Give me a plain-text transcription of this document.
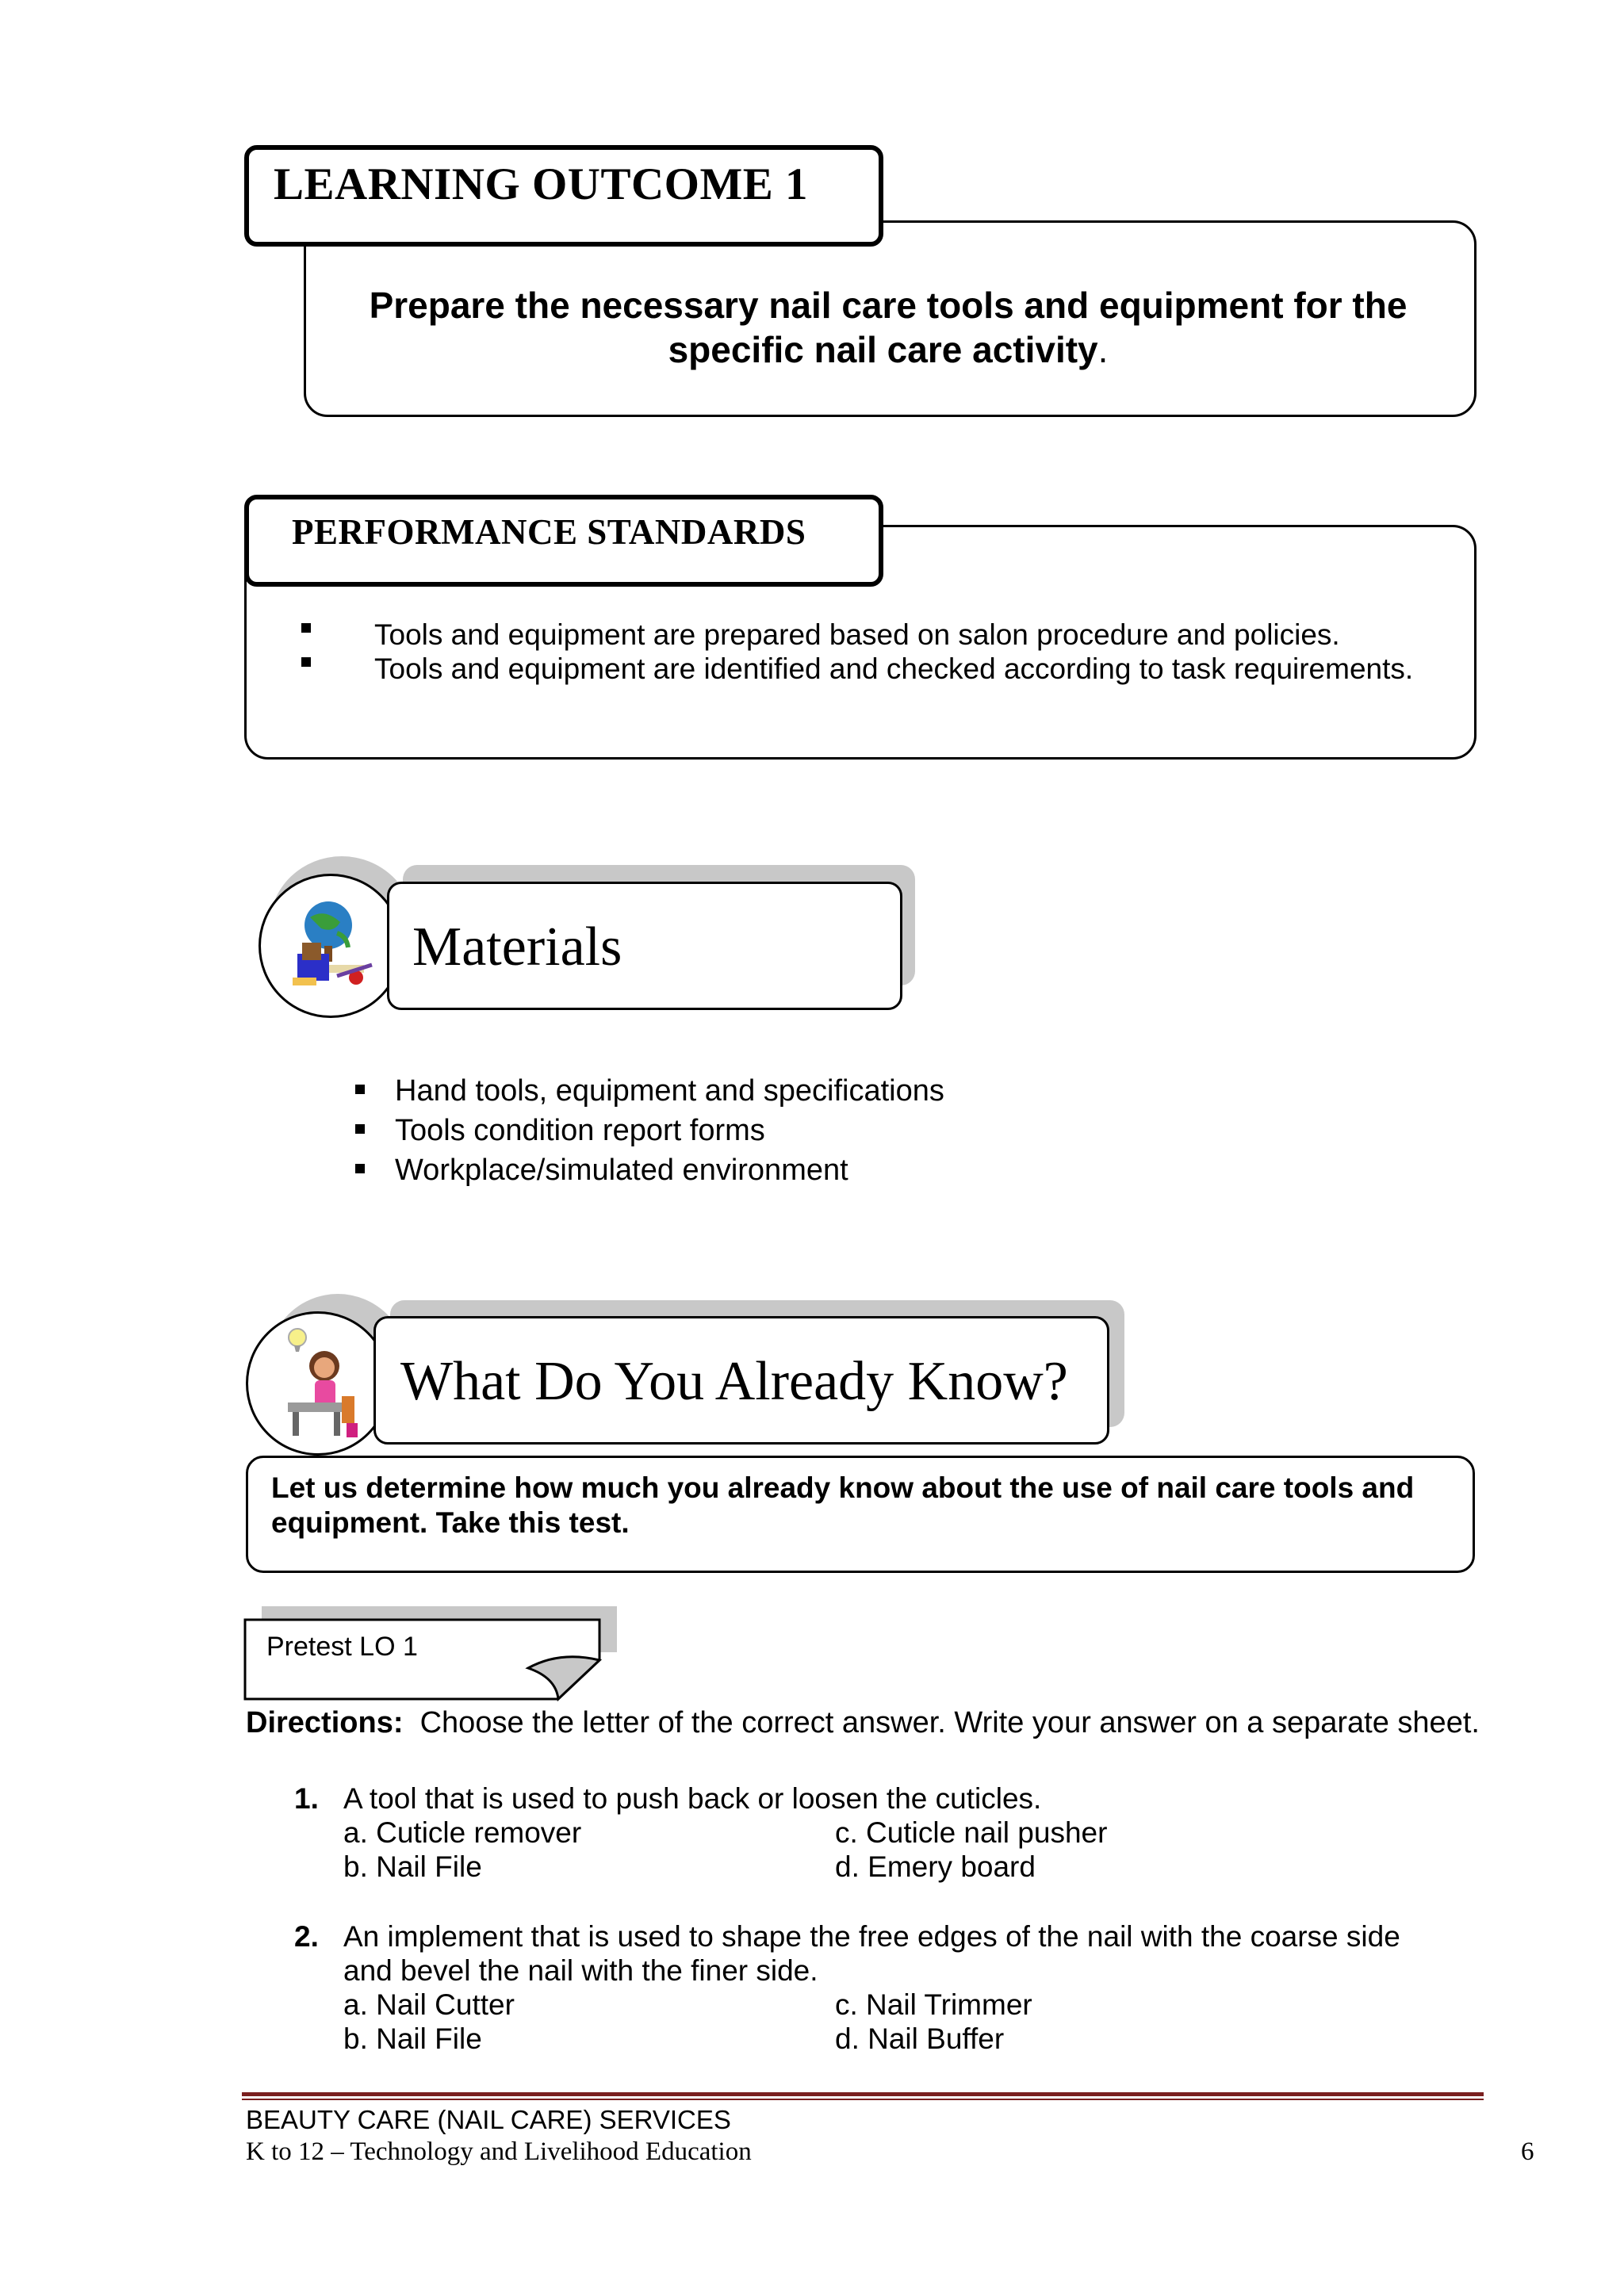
LEARNING OUTCOME 1
Prepare the necessary nail care tools and equipment for the
specific nail care activity.
PERFORMANCE STANDARDS
Tools and equipment are prepared based on salon procedure and policies.
Tools and equipment are identified and checked according to task requirements.
Materials
Hand tools, equipment and specifications
Tools condition report forms
Workplace/simulated environment
What Do You Already Know?
Let us determine how much you already know about the use of nail care tools and
equipment. Take this test.
Pretest LO 1
Directions: Choose the letter of the correct answer. Write your answer on a separate sheet.
1. A tool that is used to push back or loosen the cuticles.
a. Cuticle remover	c. Cuticle nail pusher
b. Nail File	d. Emery board
2. An implement that is used to shape the free edges of the nail with the coarse side
and bevel the nail with the finer side.
a. Nail Cutter	c. Nail Trimmer
b. Nail File	d. Nail Buffer
BEAUTY CARE (NAIL CARE) SERVICES
K to 12 – Technology and Livelihood Education	6
